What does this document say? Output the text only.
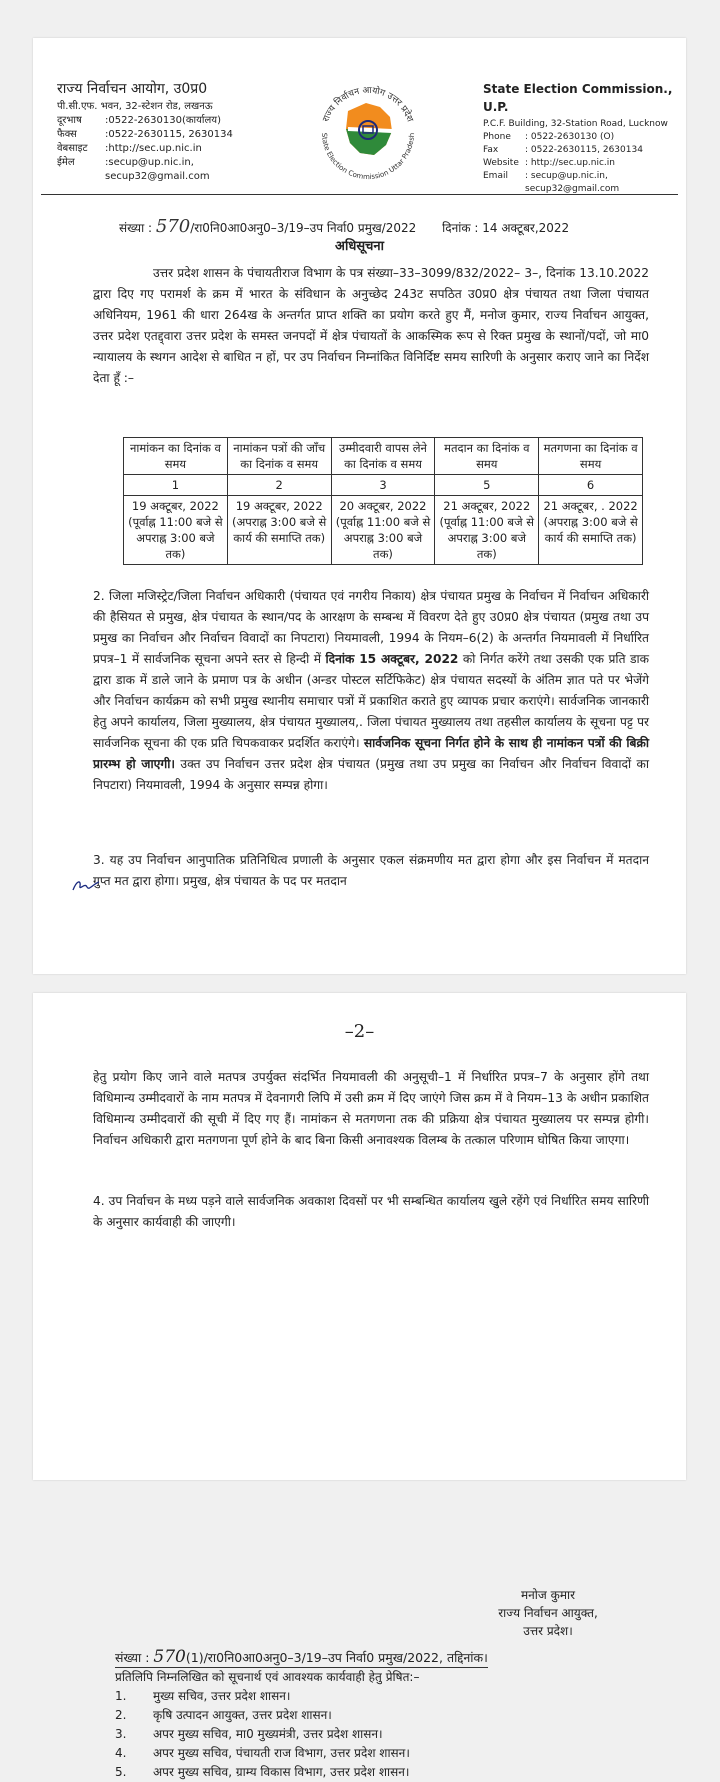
राज्य निर्वाचन आयोग, उ0प्र0
पी.सी.एफ. भवन, 32-स्टेशन रोड, लखनऊ
दूरभाष	:0522-2630130(कार्यालय)
फैक्स	:0522-2630115, 2630134
वेबसाइट	:http://sec.up.nic.in
ईमेल	:secup@up.nic.in,
secup32@gmail.com
राज्य निर्वाचन आयोग उत्तर प्रदेश
State Election Commission Uttar Pradesh
State Election Commission., U.P.
P.C.F. Building, 32-Station Road, Lucknow
Phone	: 0522-2630130 (O)
Fax	: 0522-2630115, 2630134
Website : http://sec.up.nic.in
Email	: secup@up.nic.in,
secup32@gmail.com
संख्या : 570/रा0नि0आ0अनु0–3/19–उप निर्वा0 प्रमुख/2022 दिनांक : 14 अक्टूबर,2022
अधिसूचना
उत्तर प्रदेश शासन के पंचायतीराज विभाग के पत्र संख्या–33–3099/832/2022– 3–, दिनांक 13.10.2022 द्वारा दिए गए परामर्श के क्रम में भारत के संविधान के अनुच्छेद 243ट सपठित उ0प्र0 क्षेत्र पंचायत तथा जिला पंचायत अधिनियम, 1961 की धारा 264ख के अन्तर्गत प्राप्त शक्ति का प्रयोग करते हुए मैं, मनोज कुमार, राज्य निर्वाचन आयुक्त, उत्तर प्रदेश एतद्द्वारा उत्तर प्रदेश के समस्त जनपदों में क्षेत्र पंचायतों के आकस्मिक रूप से रिक्त प्रमुख के स्थानों/पदों, जो मा0 न्यायालय के स्थगन आदेश से बाधित न हों, पर उप निर्वाचन निम्नांकित विनिर्दिष्ट समय सारिणी के अनुसार कराए जाने का निर्देश देता हूँ :–
नामांकन का दिनांक व समय	नामांकन पत्रों की जाँच का दिनांक व समय	उम्मीदवारी वापस लेने का दिनांक व समय	मतदान का दिनांक व समय	मतगणना का दिनांक व समय
1	2	3	5	6
19 अक्टूबर, 2022 (पूर्वाह्न 11:00 बजे से अपराह्न 3:00 बजे तक)	19 अक्टूबर, 2022 (अपराह्न 3:00 बजे से कार्य की समाप्ति तक)	20 अक्टूबर, 2022 (पूर्वाह्न 11:00 बजे से अपराह्न 3:00 बजे तक)	21 अक्टूबर, 2022 (पूर्वाह्न 11:00 बजे से अपराह्न 3:00 बजे तक)	21 अक्टूबर, . 2022 (अपराह्न 3:00 बजे से कार्य की समाप्ति तक)
2. जिला मजिस्ट्रेट/जिला निर्वाचन अधिकारी (पंचायत एवं नगरीय निकाय) क्षेत्र पंचायत प्रमुख के निर्वाचन में निर्वाचन अधिकारी की हैसियत से प्रमुख, क्षेत्र पंचायत के स्थान/पद के आरक्षण के सम्बन्ध में विवरण देते हुए उ0प्र0 क्षेत्र पंचायत (प्रमुख तथा उप प्रमुख का निर्वाचन और निर्वाचन विवादों का निपटारा) नियमावली, 1994 के नियम–6(2) के अन्तर्गत नियमावली में निर्धारित प्रपत्र–1 में सार्वजनिक सूचना अपने स्तर से हिन्दी में दिनांक 15 अक्टूबर, 2022 को निर्गत करेंगे तथा उसकी एक प्रति डाक द्वारा डाक में डाले जाने के प्रमाण पत्र के अधीन (अन्डर पोस्टल सर्टिफिकेट) क्षेत्र पंचायत सदस्यों के अंतिम ज्ञात पते पर भेजेंगे और निर्वाचन कार्यक्रम को सभी प्रमुख स्थानीय समाचार पत्रों में प्रकाशित कराते हुए व्यापक प्रचार कराएंगे। सार्वजनिक जानकारी हेतु अपने कार्यालय, जिला मुख्यालय, क्षेत्र पंचायत मुख्यालय,. जिला पंचायत मुख्यालय तथा तहसील कार्यालय के सूचना पट्ट पर सार्वजनिक सूचना की एक प्रति चिपकवाकर प्रदर्शित कराएंगे। सार्वजनिक सूचना निर्गत होने के साथ ही नामांकन पत्रों की बिक्री प्रारम्भ हो जाएगी। उक्त उप निर्वाचन उत्तर प्रदेश क्षेत्र पंचायत (प्रमुख तथा उप प्रमुख का निर्वाचन और निर्वाचन विवादों का निपटारा) नियमावली, 1994 के अनुसार सम्पन्न होगा।
3. यह उप निर्वाचन आनुपातिक प्रतिनिधित्व प्रणाली के अनुसार एकल संक्रमणीय मत द्वारा होगा और इस निर्वाचन में मतदान गुप्त मत द्वारा होगा। प्रमुख, क्षेत्र पंचायत के पद पर मतदान
–2–
हेतु प्रयोग किए जाने वाले मतपत्र उपर्युक्त संदर्भित नियमावली की अनुसूची–1 में निर्धारित प्रपत्र–7 के अनुसार होंगे तथा विधिमान्य उम्मीदवारों के नाम मतपत्र में देवनागरी लिपि में उसी क्रम में दिए जाएंगे जिस क्रम में वे नियम–13 के अधीन प्रकाशित विधिमान्य उम्मीदवारों की सूची में दिए गए हैं। नामांकन से मतगणना तक की प्रक्रिया क्षेत्र पंचायत मुख्यालय पर सम्पन्न होगी। निर्वाचन अधिकारी द्वारा मतगणना पूर्ण होने के बाद बिना किसी अनावश्यक विलम्ब के तत्काल परिणाम घोषित किया जाएगा।
4. उप निर्वाचन के मध्य पड़ने वाले सार्वजनिक अवकाश दिवसों पर भी सम्बन्धित कार्यालय खुले रहेंगे एवं निर्धारित समय सारिणी के अनुसार कार्यवाही की जाएगी।
मनोज कुमार
राज्य निर्वाचन आयुक्त,
उत्तर प्रदेश।
संख्या : 570(1)/रा0नि0आ0अनु0–3/19–उप निर्वा0 प्रमुख/2022, तद्दिनांक।
प्रतिलिपि निम्नलिखित को सूचनार्थ एवं आवश्यक कार्यवाही हेतु प्रेषित:–
1.	मुख्य सचिव, उत्तर प्रदेश शासन।
2.	कृषि उत्पादन आयुक्त, उत्तर प्रदेश शासन।
3.	अपर मुख्य सचिव, मा0 मुख्यमंत्री, उत्तर प्रदेश शासन।
4.	अपर मुख्य सचिव, पंचायती राज विभाग, उत्तर प्रदेश शासन।
5.	अपर मुख्य सचिव, ग्राम्य विकास विभाग, उत्तर प्रदेश शासन।
